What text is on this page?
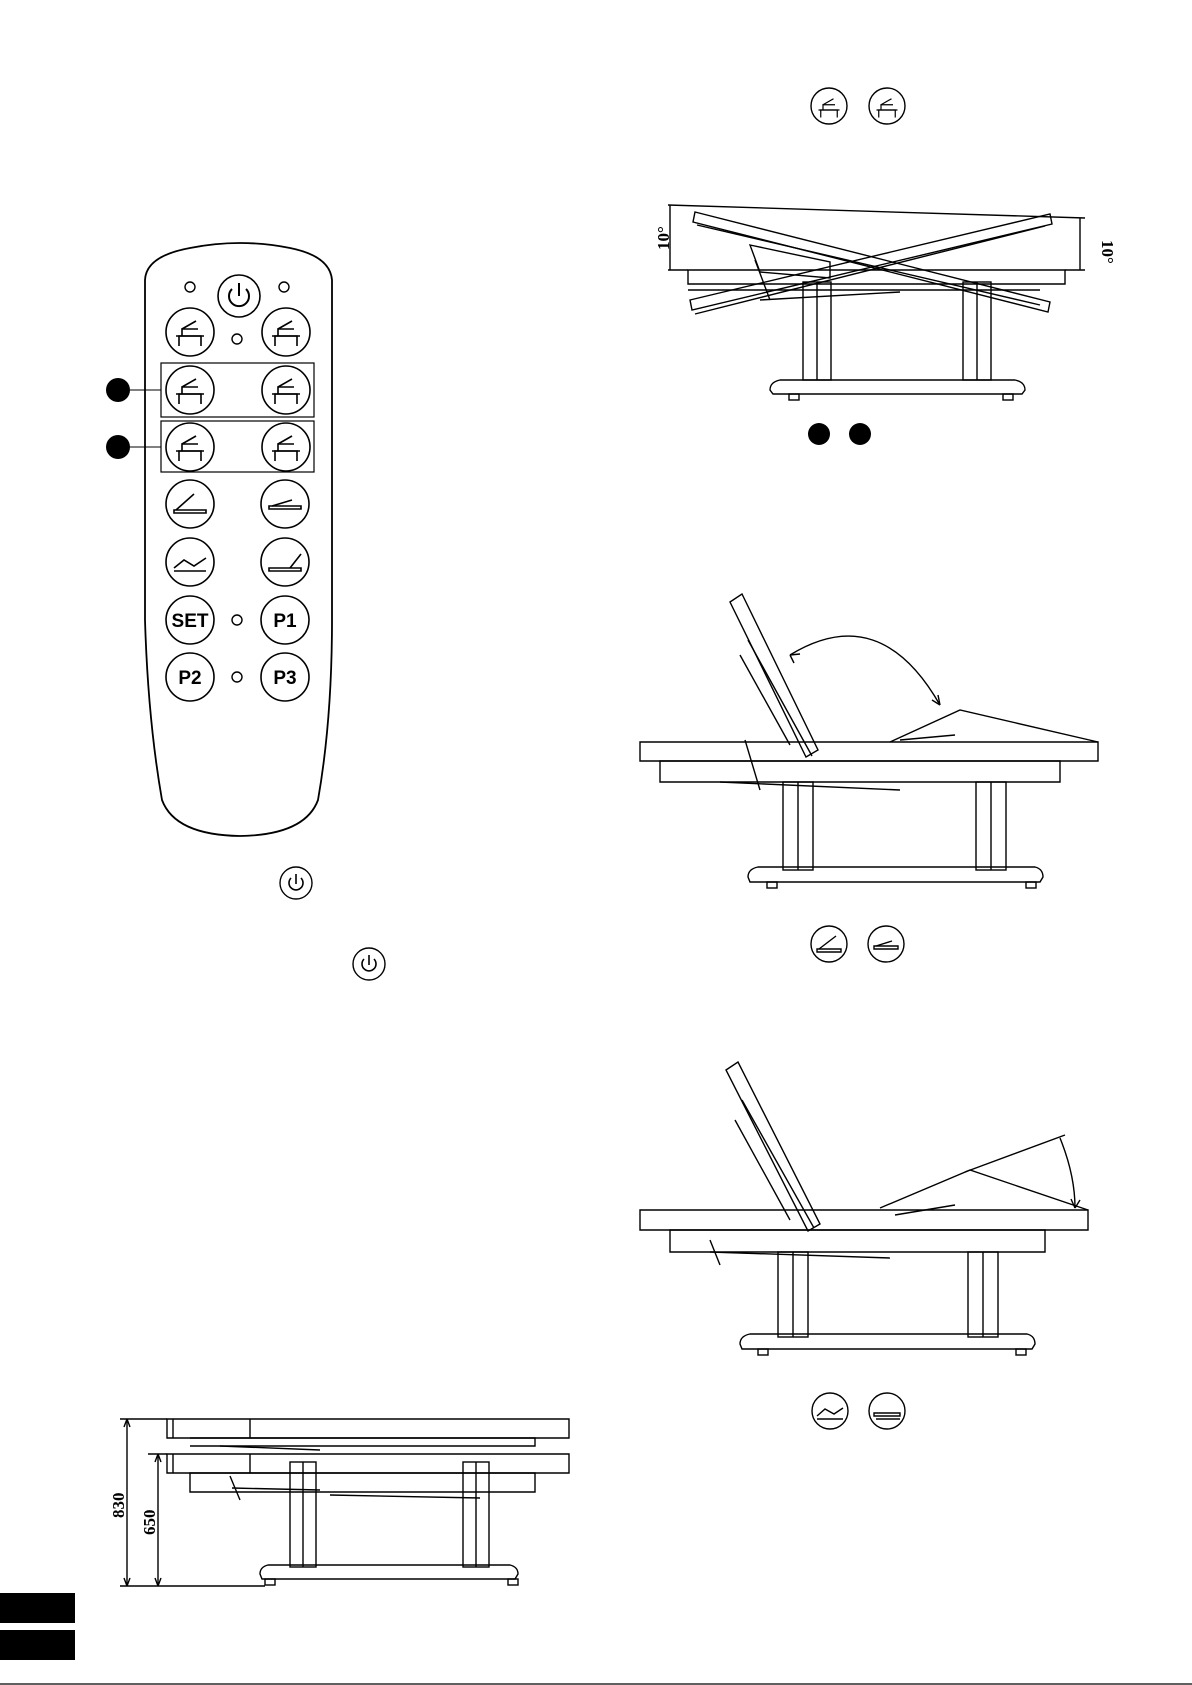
SET	P1
P2	P3
10°
10°
830
650
